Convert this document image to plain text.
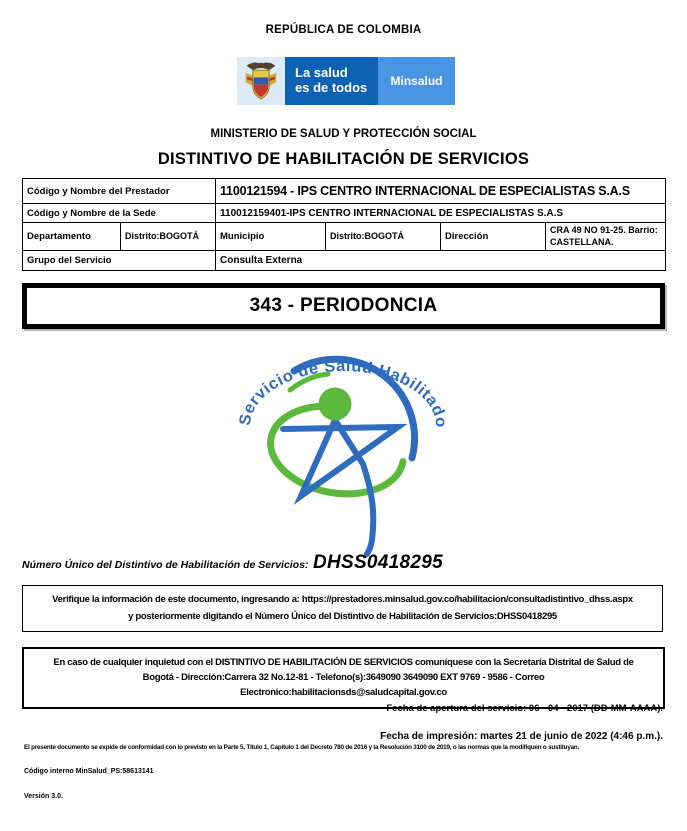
REPÚBLICA DE COLOMBIA
La salud
es de todos	Minsalud
MINISTERIO DE SALUD Y PROTECCIÓN SOCIAL
DISTINTIVO DE HABILITACIÓN DE SERVICIOS
Código y Nombre del Prestador		1100121594 - IPS CENTRO INTERNACIONAL DE ESPECIALISTAS S.A.S			
Código y Nombre de la Sede		110012159401-IPS CENTRO INTERNACIONAL DE ESPECIALISTAS S.A.S			
Departamento	Distrito:BOGOTÁ	Municipio	Distrito:BOGOTÁ	Dirección	CRA 49 NO 91-25. Barrio: CASTELLANA.
Grupo del Servicio		Consulta Externa			
343 - PERIODONCIA
Servicio de Salud Habilitado
Número Único del Distintivo de Habilitación de Servicios: DHSS0418295
Verifique la información de este documento, ingresando a: https://prestadores.minsalud.gov.co/habilitacion/consultadistintivo_dhss.aspx
y posteriormente digitando el Número Único del Distintivo de Habilitación de Servicios:DHSS0418295
En caso de cualquier inquietud con el DISTINTIVO DE HABILITACIÓN DE SERVICIOS comuníquese con la Secretaría Distrital de Salud de
Bogotá - Dirección:Carrera 32 No.12-81 - Telefono(s):3649090 3649090 EXT 9769 - 9586 - Correo
Electronico:habilitacionsds@saludcapital.gov.co
Fecha de apertura del servicio: 06 - 04 - 2017 (DD-MM-AAAA).
Fecha de impresión: martes 21 de junio de 2022 (4:46 p.m.).
El presente documento se expide de conformidad con lo previsto en la Parte 5, Título 1, Capítulo 1 del Decreto 780 de 2016 y la Resolución 3100 de 2019, o las normas que la modifiquen o sustituyan.
Código interno MinSalud_PS:58613141
Versión 3.0.
